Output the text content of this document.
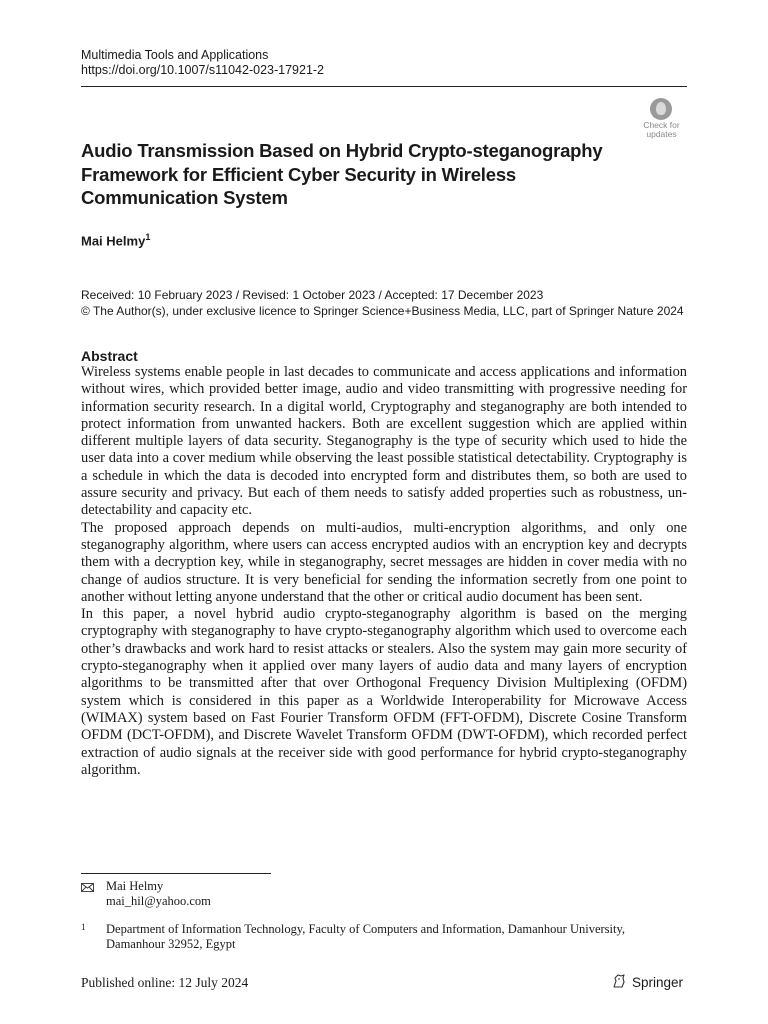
Multimedia Tools and Applications
https://doi.org/10.1007/s11042-023-17921-2
Check for
updates
Audio Transmission Based on Hybrid Crypto-steganography Framework for Efficient Cyber Security in Wireless Communication System
Mai Helmy$^1$
Received: 10 February 2023 / Revised: 1 October 2023 / Accepted: 17 December 2023
© The Author(s), under exclusive licence to Springer Science+Business Media, LLC, part of Springer Nature 2024
Abstract

Wireless systems enable people in last decades to communicate and access applications and information without wires, which provided better image, audio and video transmitting with progressive needing for information security research. In a digital world, Cryptography and steganography are both intended to protect information from unwanted hackers. Both are excellent suggestion which are applied within different multiple layers of data security. Steganography is the type of security which used to hide the user data into a cover medium while observing the least possible statistical detectability. Cryptography is a schedule in which the data is decoded into encrypted form and distributes them, so both are used to assure security and privacy. But each of them needs to satisfy added properties such as robustness, un-detectability and capacity etc.

The proposed approach depends on multi-audios, multi-encryption algorithms, and only one steganography algorithm, where users can access encrypted audios with an encryption key and decrypts them with a decryption key, while in steganography, secret messages are hidden in cover media with no change of audios structure. It is very beneficial for sending the information secretly from one point to another without letting anyone understand that the other or critical audio document has been sent.

In this paper, a novel hybrid audio crypto-steganography algorithm is based on the merging cryptography with steganography to have crypto-steganography algorithm which used to overcome each other’s drawbacks and work hard to resist attacks or stealers. Also the system may gain more security of crypto-steganography when it applied over many layers of audio data and many layers of encryption algorithms to be transmitted after that over Orthogonal Frequency Division Multiplexing (OFDM) system which is considered in this paper as a Worldwide Interoperability for Microwave Access (WIMAX) system based on Fast Fourier Transform OFDM (FFT-OFDM), Discrete Cosine Transform OFDM (DCT-OFDM), and Discrete Wavelet Transform OFDM (DWT-OFDM), which recorded perfect extraction of audio signals at the receiver side with good performance for hybrid crypto-steganography algorithm.

Mai Helmy
mai_hil@yahoo.com
1 Department of Information Technology, Faculty of Computers and Information, Damanhour University, Damanhour 32952, Egypt
Published online: 12 July 2024	Springer
